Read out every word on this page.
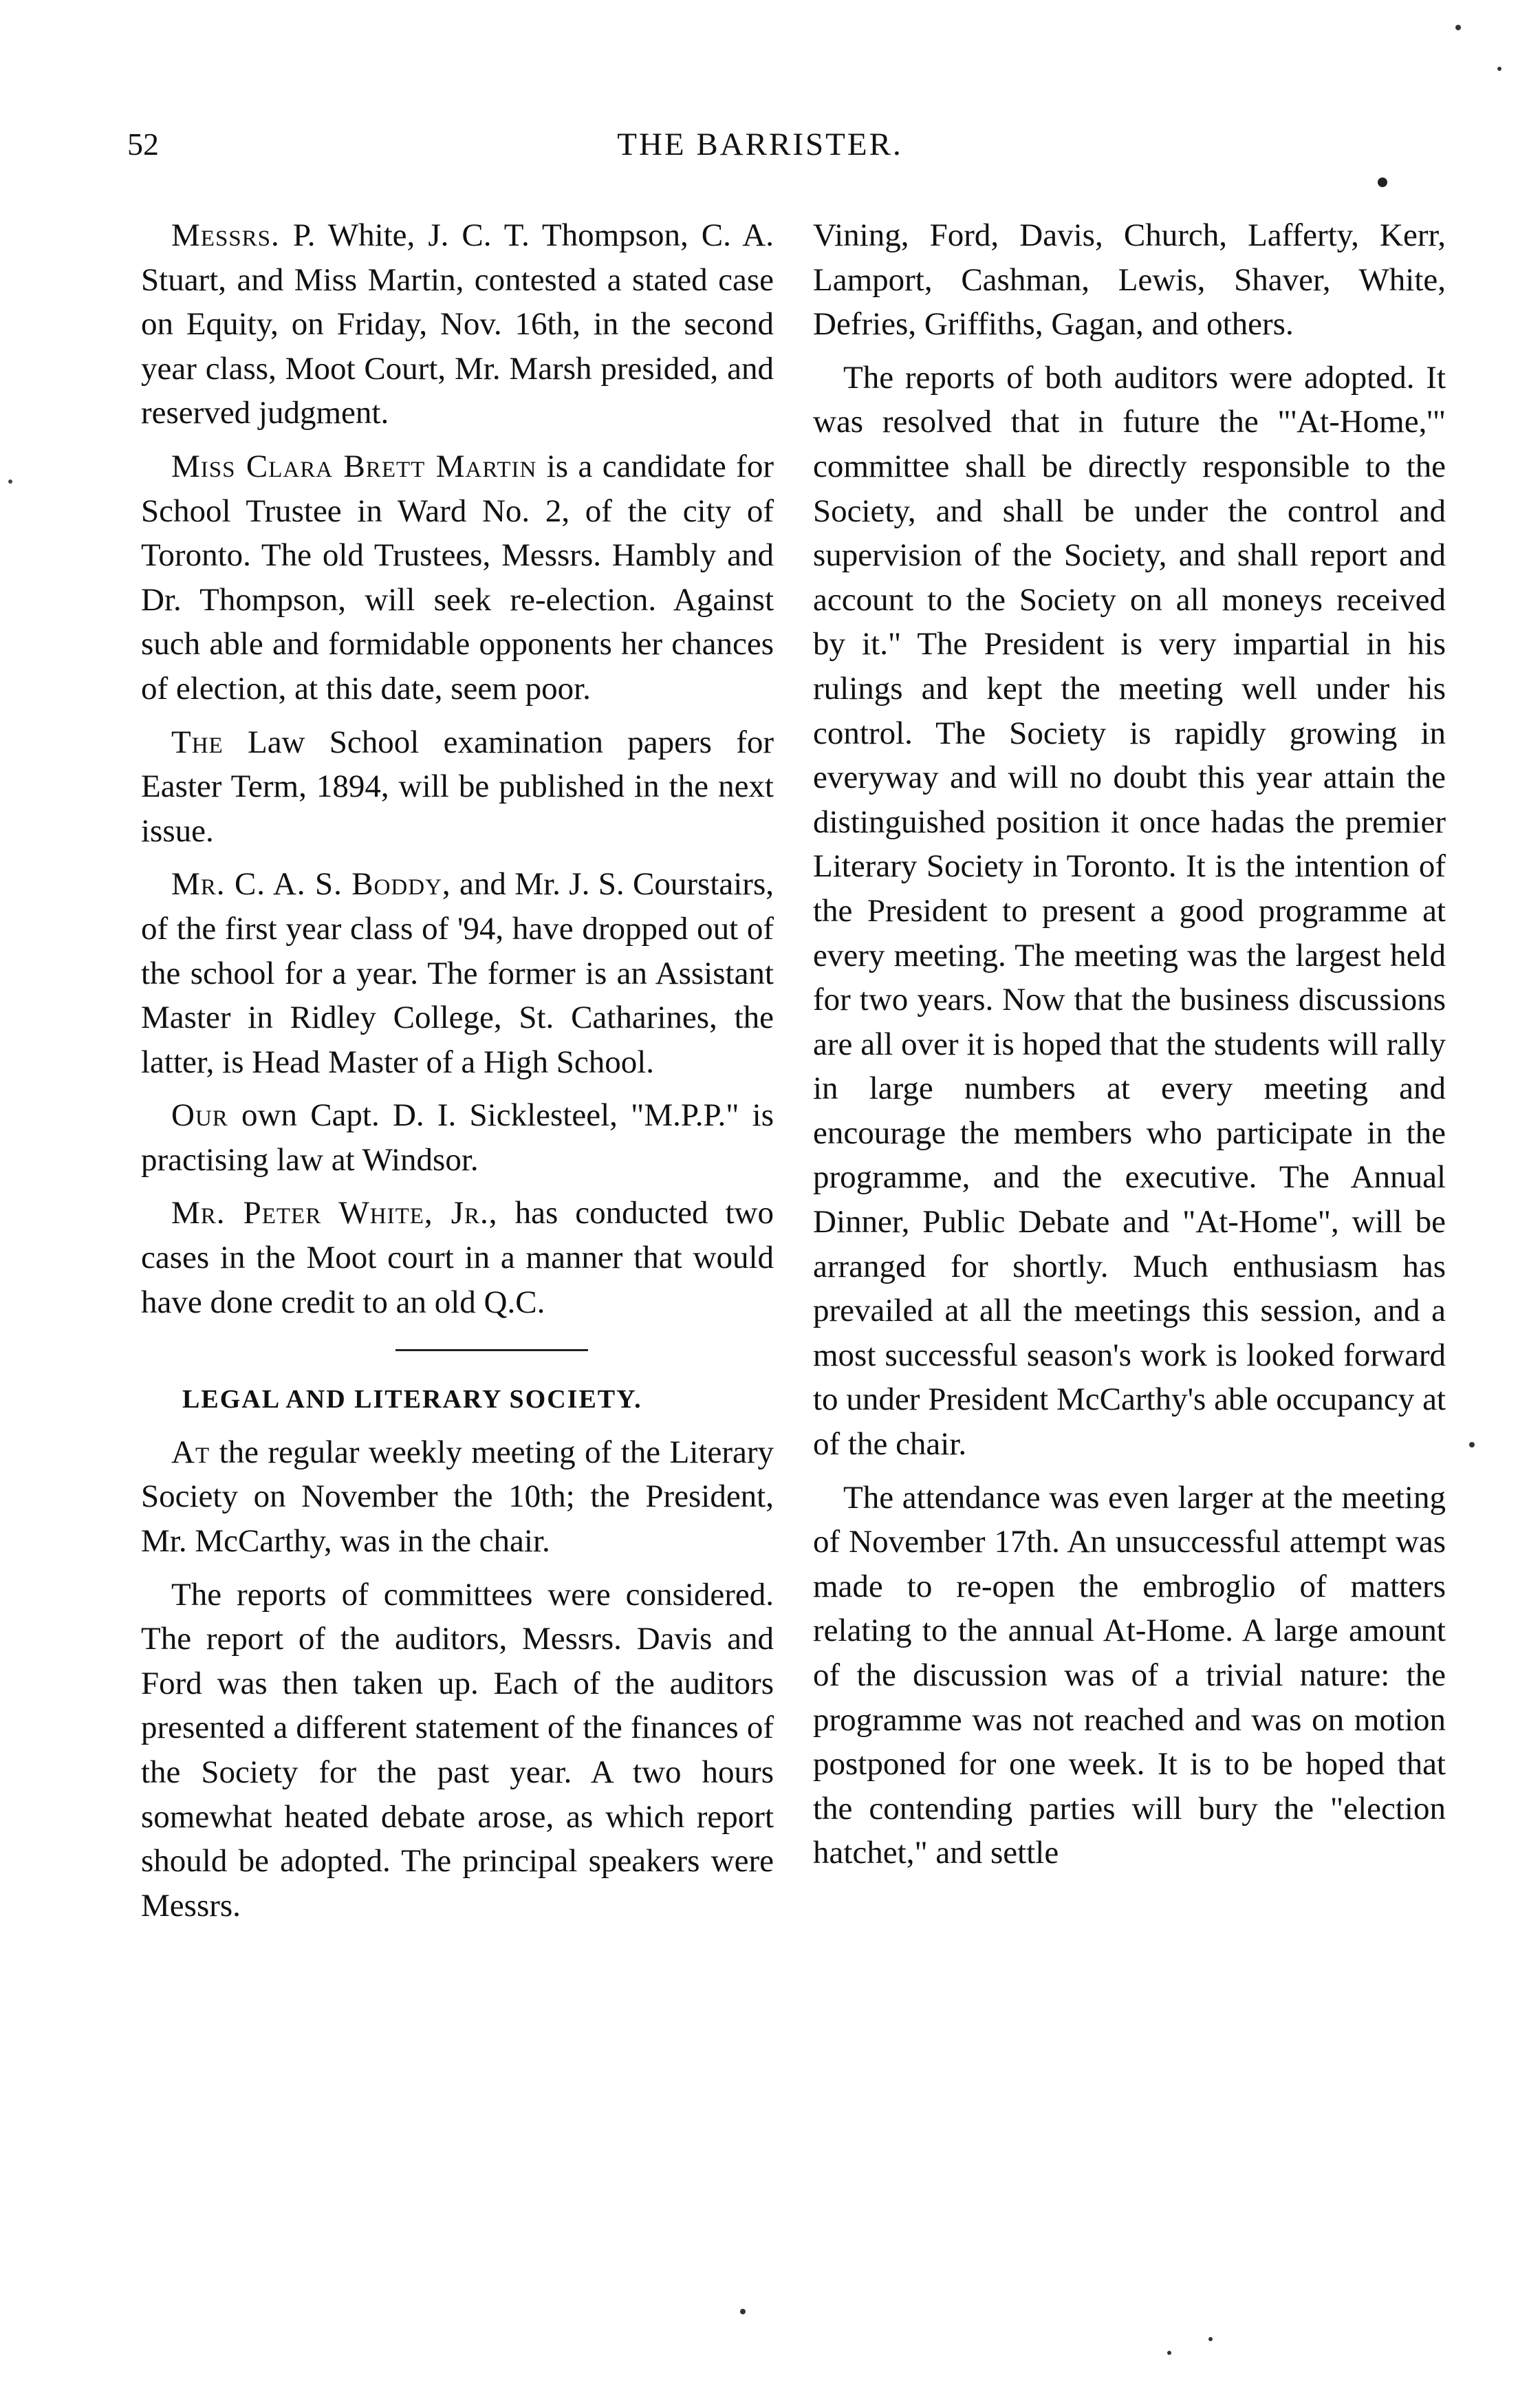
52	THE BARRISTER.

Messrs. P. White, J. C. T. Thompson, C. A. Stuart, and Miss Martin, contested a stated case on Equity, on Friday, Nov. 16th, in the second year class, Moot Court, Mr. Marsh presided, and reserved judgment.

Miss Clara Brett Martin is a candidate for School Trustee in Ward No. 2, of the city of Toronto. The old Trustees, Messrs. Hambly and Dr. Thompson, will seek re-election. Against such able and formidable opponents her chances of election, at this date, seem poor.

The Law School examination papers for Easter Term, 1894, will be published in the next issue.

Mr. C. A. S. Boddy, and Mr. J. S. Courstairs, of the first year class of '94, have dropped out of the school for a year. The former is an Assistant Master in Ridley College, St. Catharines, the latter, is Head Master of a High School.

Our own Capt. D. I. Sicklesteel, "M.P.P." is practising law at Windsor.

Mr. Peter White, Jr., has conducted two cases in the Moot court in a manner that would have done credit to an old Q.C.

LEGAL AND LITERARY SOCIETY.

At the regular weekly meeting of the Literary Society on November the 10th; the President, Mr. McCarthy, was in the chair.

The reports of committees were considered. The report of the auditors, Messrs. Davis and Ford was then taken up. Each of the auditors presented a different statement of the finances of the Society for the past year. A two hours somewhat heated debate arose, as which report should be adopted. The principal speakers were Messrs.

Vining, Ford, Davis, Church, Lafferty, Kerr, Lamport, Cashman, Lewis, Shaver, White, Defries, Griffiths, Gagan, and others.

The reports of both auditors were adopted. It was resolved that in future the "'At-Home,'" committee shall be directly responsible to the Society, and shall be under the control and supervision of the Society, and shall report and account to the Society on all moneys received by it." The President is very impartial in his rulings and kept the meeting well under his control. The Society is rapidly growing in everyway and will no doubt this year attain the distinguished position it once hadas the premier Literary Society in Toronto. It is the intention of the President to present a good programme at every meeting. The meeting was the largest held for two years. Now that the business discussions are all over it is hoped that the students will rally in large numbers at every meeting and encourage the members who participate in the programme, and the executive. The Annual Dinner, Public Debate and "At-Home", will be arranged for shortly. Much enthusiasm has prevailed at all the meetings this session, and a most successful season's work is looked forward to under President McCarthy's able occupancy at of the chair.

The attendance was even larger at the meeting of November 17th. An unsuccessful attempt was made to re-open the embroglio of matters relating to the annual At-Home. A large amount of the discussion was of a trivial nature: the programme was not reached and was on motion postponed for one week. It is to be hoped that the contending parties will bury the "election hatchet," and settle
